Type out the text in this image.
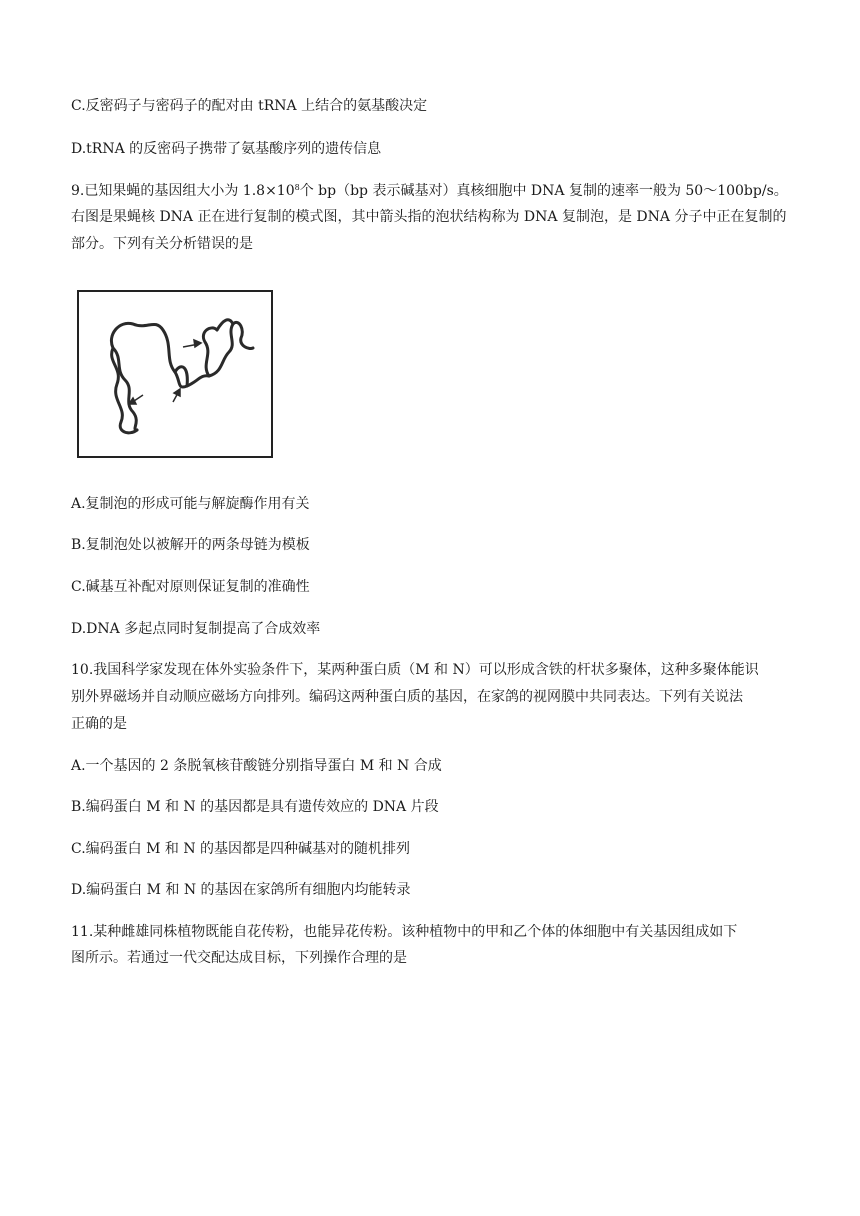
C.反密码子与密码子的配对由 tRNA 上结合的氨基酸决定
D.tRNA 的反密码子携带了氨基酸序列的遗传信息
9.已知果蝇的基因组大小为 $1.8\times 10^8$个 bp（bp 表示碱基对）真核细胞中 DNA 复制的速率一般为 50～100bp/s。
右图是果蝇核 DNA 正在进行复制的模式图，其中箭头指的泡状结构称为 DNA 复制泡，是 DNA 分子中正在复制的
部分。下列有关分析错误的是
A.复制泡的形成可能与解旋酶作用有关
B.复制泡处以被解开的两条母链为模板
C.碱基互补配对原则保证复制的准确性
D.DNA 多起点同时复制提高了合成效率
10.我国科学家发现在体外实验条件下，某两种蛋白质（M 和 N）可以形成含铁的杆状多聚体，这种多聚体能识
别外界磁场并自动顺应磁场方向排列。编码这两种蛋白质的基因，在家鸽的视网膜中共同表达。下列有关说法
正确的是
A.一个基因的 2 条脱氧核苷酸链分别指导蛋白 M 和 N 合成
B.编码蛋白 M 和 N 的基因都是具有遗传效应的 DNA 片段
C.编码蛋白 M 和 N 的基因都是四种碱基对的随机排列
D.编码蛋白 M 和 N 的基因在家鸽所有细胞内均能转录
11.某种雌雄同株植物既能自花传粉，也能异花传粉。该种植物中的甲和乙个体的体细胞中有关基因组成如下
图所示。若通过一代交配达成目标，下列操作合理的是
